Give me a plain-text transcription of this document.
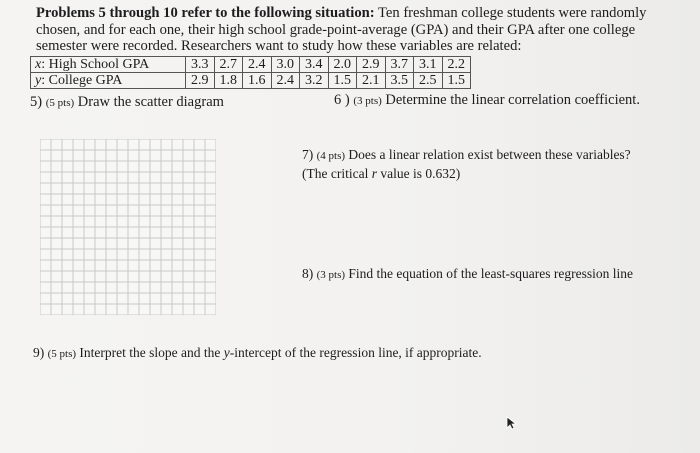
Problems 5 through 10 refer to the following situation: Ten freshman college students were randomly chosen, and for each one, their high school grade-point-average (GPA) and their GPA after one college semester were recorded. Researchers want to study how these variables are related:
x: High School GPA	3.3	2.7	2.4	3.0	3.4	2.0	2.9	3.7	3.1	2.2
y: College GPA	2.9	1.8	1.6	2.4	3.2	1.5	2.1	3.5	2.5	1.5
5) (5 pts) Draw the scatter diagram	6 ) (3 pts) Determine the linear correlation coefficient.
7) (4 pts) Does a linear relation exist between these variables?
(The critical r value is 0.632)
8) (3 pts) Find the equation of the least-squares regression line
9) (5 pts) Interpret the slope and the y-intercept of the regression line, if appropriate.
